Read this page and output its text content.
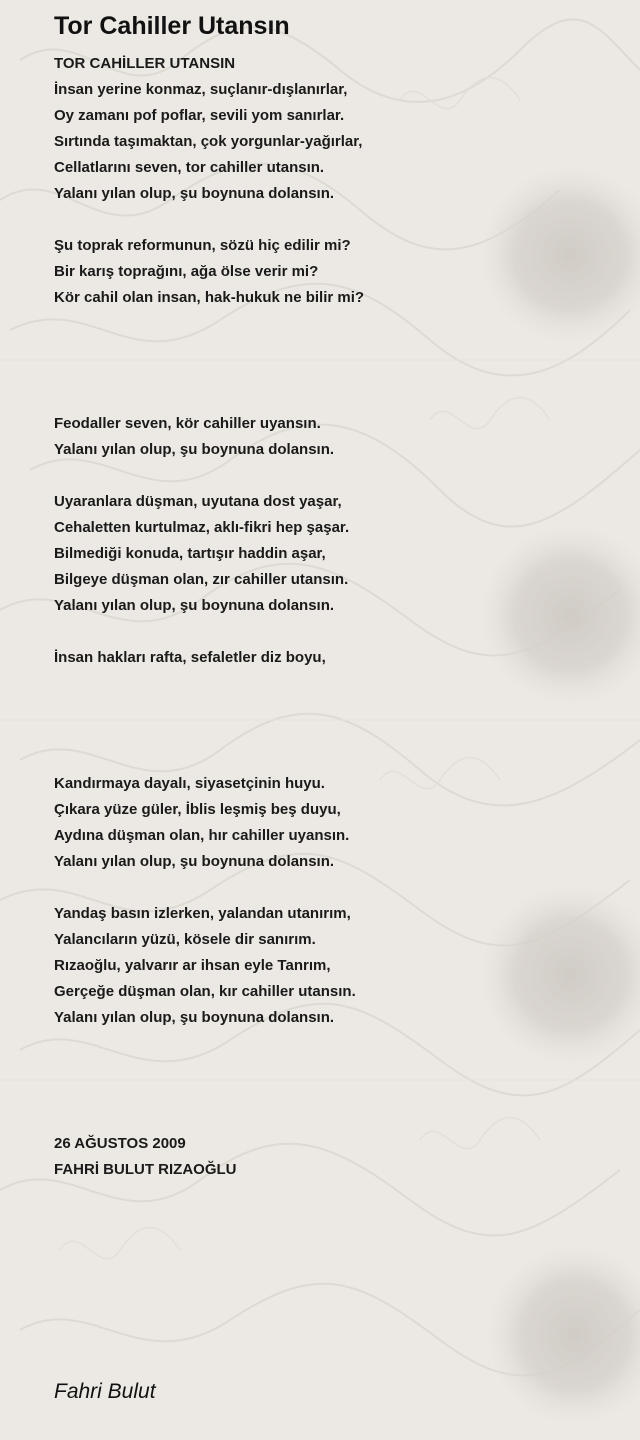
Tor Cahiller Utansın
TOR CAHİLLER UTANSIN
İnsan yerine konmaz, suçlanır-dışlanırlar,
Oy zamanı pof poflar, sevili yom sanırlar.
Sırtında taşımaktan, çok yorgunlar-yağırlar,
Cellatlarını seven, tor cahiller utansın.
Yalanı yılan olup, şu boynuna dolansın.
Şu toprak reformunun, sözü hiç edilir mi?
Bir karış toprağını, ağa ölse verir mi?
Kör cahil olan insan, hak-hukuk ne bilir mi?
Feodaller seven, kör cahiller uyansın.
Yalanı yılan olup, şu boynuna dolansın.
Uyaranlara düşman, uyutana dost yaşar,
Cehaletten kurtulmaz, aklı-fikri hep şaşar.
Bilmediği konuda, tartışır haddin aşar,
Bilgeye düşman olan, zır cahiller utansın.
Yalanı yılan olup, şu boynuna dolansın.
İnsan hakları rafta, sefaletler diz boyu,
Kandırmaya dayalı, siyasetçinin huyu.
Çıkara yüze güler, İblis leşmiş beş duyu,
Aydına düşman olan, hır cahiller uyansın.
Yalanı yılan olup, şu boynuna dolansın.
Yandaş basın izlerken, yalandan utanırım,
Yalancıların yüzü, kösele dir sanırım.
Rızaoğlu, yalvarır ar ihsan eyle Tanrım,
Gerçeğe düşman olan, kır cahiller utansın.
Yalanı yılan olup, şu boynuna dolansın.
26 AĞUSTOS 2009
FAHRİ BULUT RIZAOĞLU
Fahri Bulut
